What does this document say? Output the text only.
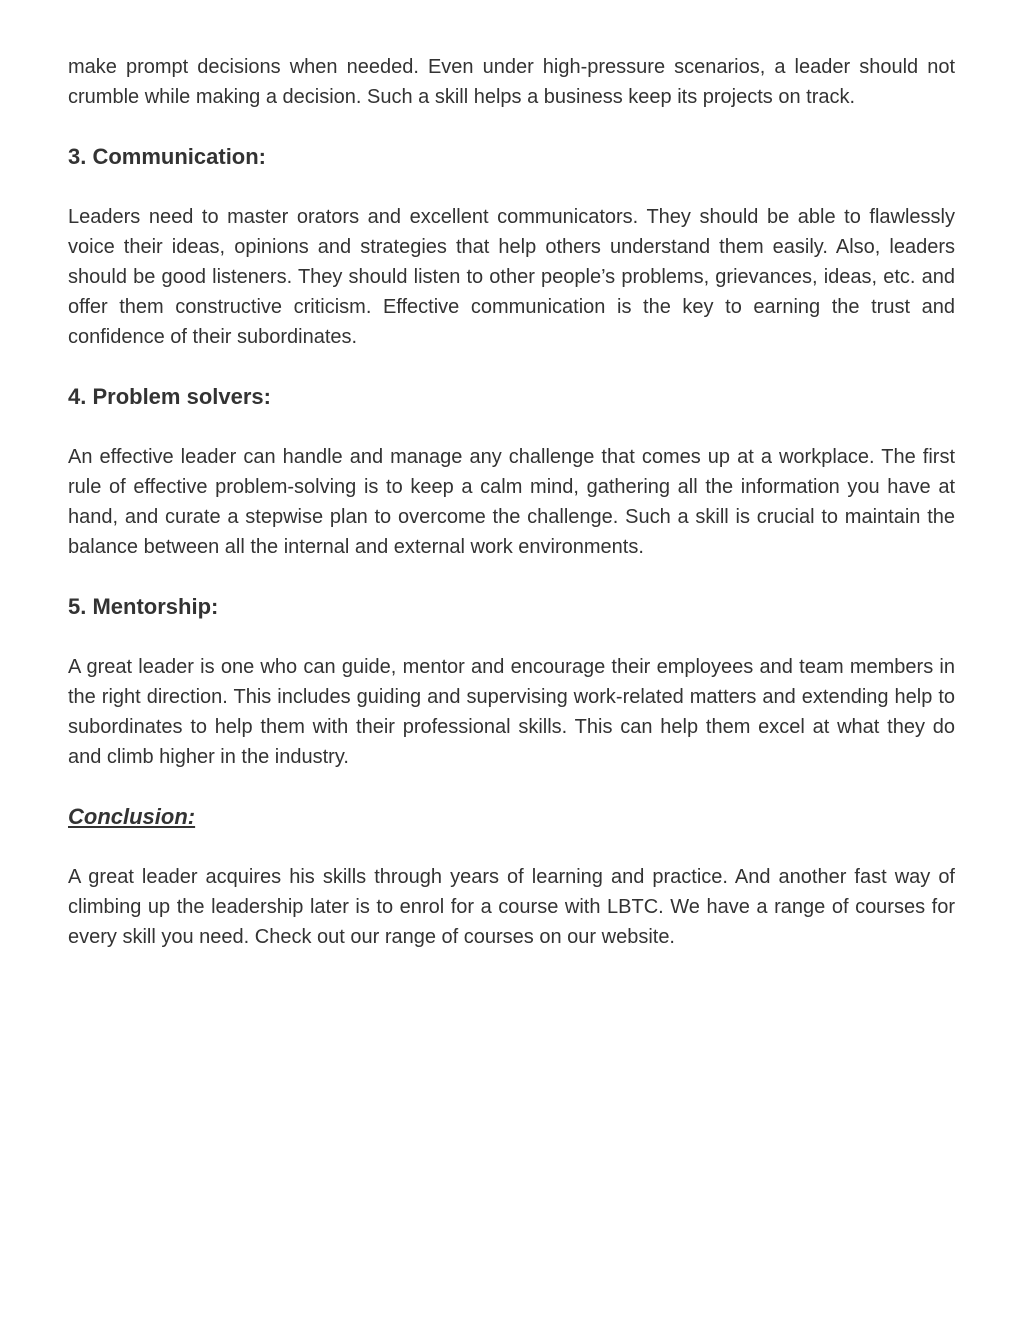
make prompt decisions when needed. Even under high-pressure scenarios, a leader should not crumble while making a decision. Such a skill helps a business keep its projects on track.

3. Communication:

Leaders need to master orators and excellent communicators. They should be able to flawlessly voice their ideas, opinions and strategies that help others understand them easily. Also, leaders should be good listeners. They should listen to other people’s problems, grievances, ideas, etc. and offer them constructive criticism. Effective communication is the key to earning the trust and confidence of their subordinates.

4. Problem solvers:

An effective leader can handle and manage any challenge that comes up at a workplace. The first rule of effective problem-solving is to keep a calm mind, gathering all the information you have at hand, and curate a stepwise plan to overcome the challenge. Such a skill is crucial to maintain the balance between all the internal and external work environments.

5. Mentorship:

A great leader is one who can guide, mentor and encourage their employees and team members in the right direction. This includes guiding and supervising work-related matters and extending help to subordinates to help them with their professional skills. This can help them excel at what they do and climb higher in the industry.

Conclusion:

A great leader acquires his skills through years of learning and practice. And another fast way of climbing up the leadership later is to enrol for a course with LBTC. We have a range of courses for every skill you need. Check out our range of courses on our website.
